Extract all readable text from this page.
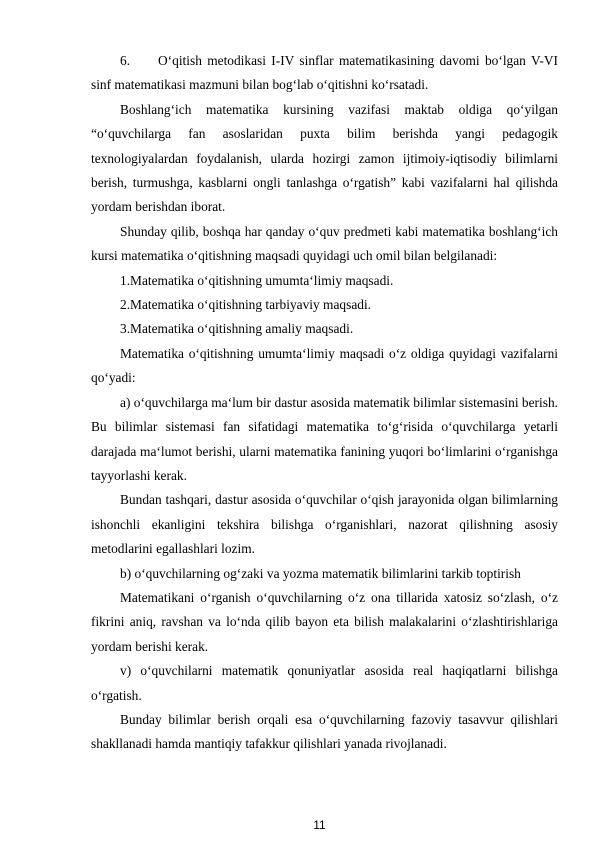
6. O‘qitish metodikasi I-IV sinflar matematikasining davomi bo‘lgan V-VI sinf matematikasi mazmuni bilan bog‘lab o‘qitishni ko‘rsatadi.

Boshlang‘ich matematika kursining vazifasi maktab oldiga qo‘yilgan “o‘quvchilarga fan asoslaridan puxta bilim berishda yangi pedagogik texnologiyalardan foydalanish, ularda hozirgi zamon ijtimoiy-iqtisodiy bilimlarni berish, turmushga, kasblarni ongli tanlashga o‘rgatish” kabi vazifalarni hal qilishda yordam berishdan iborat.

Shunday qilib, boshqa har qanday o‘quv predmeti kabi matematika boshlang‘ich kursi matematika o‘qitishning maqsadi quyidagi uch omil bilan belgilanadi:

1.Matematika o‘qitishning umumta‘limiy maqsadi.

2.Matematika o‘qitishning tarbiyaviy maqsadi.

3.Matematika o‘qitishning amaliy maqsadi.

Matematika o‘qitishning umumta‘limiy maqsadi o‘z oldiga quyidagi vazifalarni qo‘yadi:

a) o‘quvchilarga ma‘lum bir dastur asosida matematik bilimlar sistemasini berish. Bu bilimlar sistemasi fan sifatidagi matematika to‘g‘risida o‘quvchilarga yetarli darajada ma‘lumot berishi, ularni matematika fanining yuqori bo‘limlarini o‘rganishga tayyorlashi kerak.

Bundan tashqari, dastur asosida o‘quvchilar o‘qish jarayonida olgan bilimlarning ishonchli ekanligini tekshira bilishga o‘rganishlari, nazorat qilishning asosiy metodlarini egallashlari lozim.

b) o‘quvchilarning og‘zaki va yozma matematik bilimlarini tarkib toptirish

Matematikani o‘rganish o‘quvchilarning o‘z ona tillarida xatosiz so‘zlash, o‘z fikrini aniq, ravshan va lo‘nda qilib bayon eta bilish malakalarini o‘zlashtirishlariga yordam berishi kerak.

v) o‘quvchilarni matematik qonuniyatlar asosida real haqiqatlarni bilishga o‘rgatish.

Bunday bilimlar berish orqali esa o‘quvchilarning fazoviy tasavvur qilishlari shakllanadi hamda mantiqiy tafakkur qilishlari yanada rivojlanadi.

11
